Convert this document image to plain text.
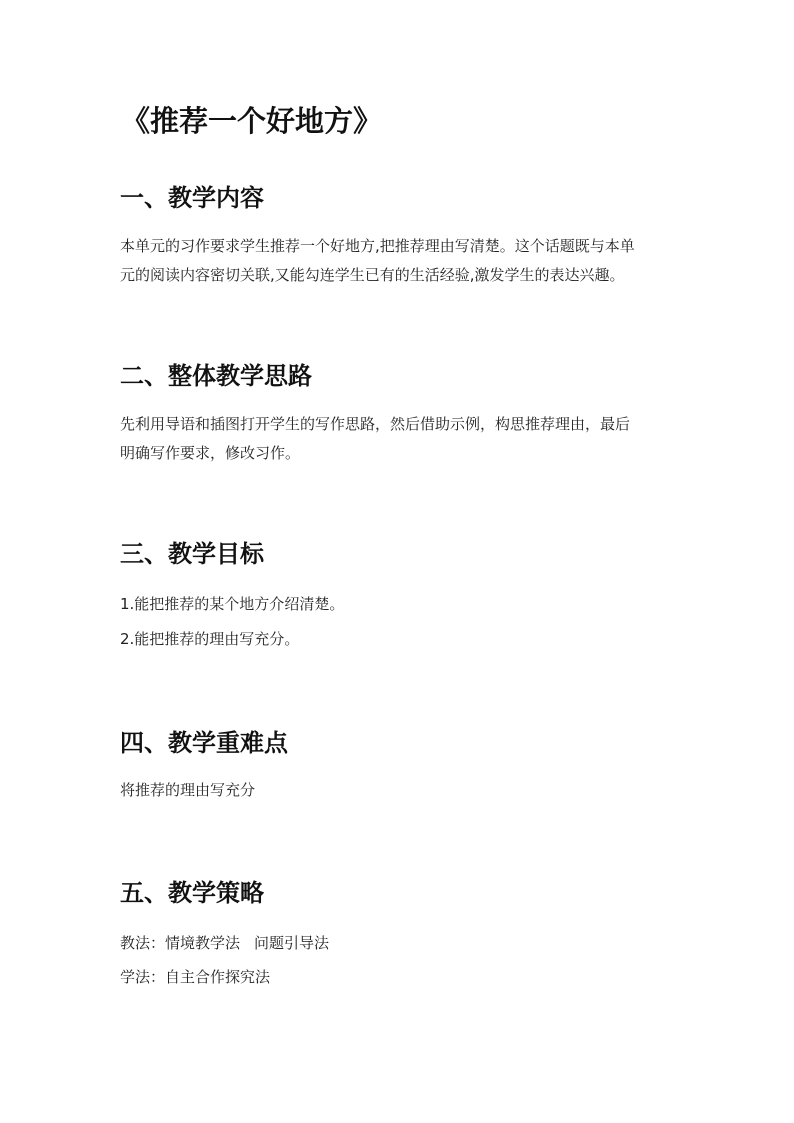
《推荐一个好地方》
一、教学内容
本单元的习作要求学生推荐一个好地方,把推荐理由写清楚。这个话题既与本单
元的阅读内容密切关联,又能勾连学生已有的生活经验,激发学生的表达兴趣。
二、整体教学思路
先利用导语和插图打开学生的写作思路，然后借助示例，构思推荐理由，最后
明确写作要求，修改习作。
三、教学目标
1.能把推荐的某个地方介绍清楚。
2.能把推荐的理由写充分。
四、教学重难点
将推荐的理由写充分
五、教学策略
教法：情境教学法 问题引导法
学法：自主合作探究法
